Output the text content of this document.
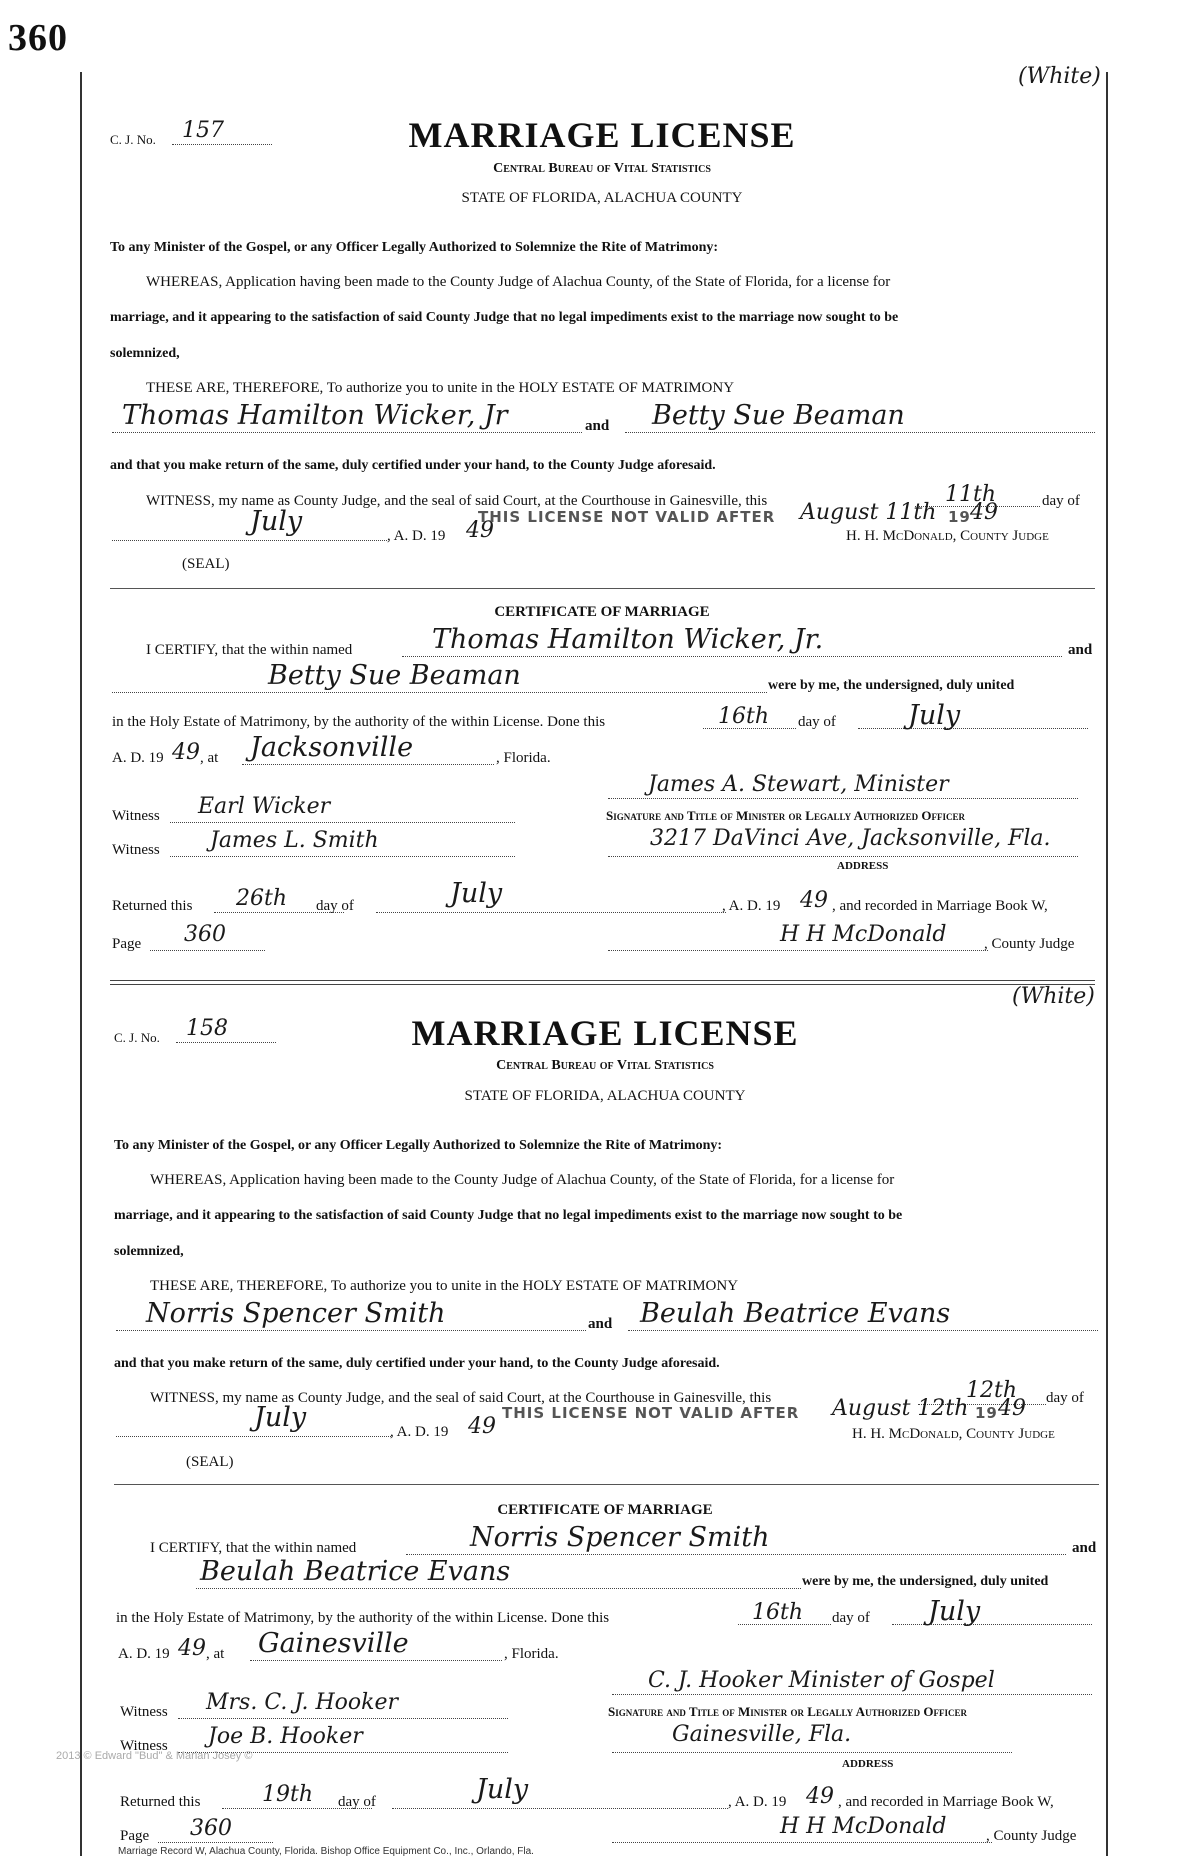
360
(White)
C. J. No. 157	MARRIAGE LICENSE
Central Bureau of Vital Statistics
STATE OF FLORIDA, ALACHUA COUNTY
To any Minister of the Gospel, or any Officer Legally Authorized to Solemnize the Rite of Matrimony:
WHEREAS, Application having been made to the County Judge of Alachua County, of the State of Florida, for a license for
marriage, and it appearing to the satisfaction of said County Judge that no legal impediments exist to the marriage now sought to be
solemnized,
THESE ARE, THEREFORE, To authorize you to unite in the HOLY ESTATE OF MATRIMONY
Thomas Hamilton Wicker, Jr	and Betty Sue Beaman
and that you make return of the same, duly certified under your hand, to the County Judge aforesaid.
WITNESS, my name as County Judge, and the seal of said Court, at the Courthouse in Gainesville, this	11th	day of
July	, A. D. 19 49
THIS LICENSE NOT VALID AFTER August 11th 19 49
H. H. McDonald, County Judge
(SEAL)
CERTIFICATE OF MARRIAGE
I CERTIFY, that the within named	Thomas Hamilton Wicker, Jr.	and
Betty Sue Beaman	were by me, the undersigned, duly united
in the Holy Estate of Matrimony, by the authority of the within License. Done this	16th day of	July
A. D. 19 49 , at Jacksonville	, Florida.
James A. Stewart, Minister
Witness Earl Wicker	Signature and Title of Minister or Legally Authorized Officer
Witness James L. Smith	3217 DaVinci Ave, Jacksonville, Fla.
ADDRESS
Returned this 26th day of	July	, A. D. 19 49 , and recorded in Marriage Book W,
Page 360	H H McDonald	, County Judge
(White)
C. J. No. 158	MARRIAGE LICENSE
Central Bureau of Vital Statistics
STATE OF FLORIDA, ALACHUA COUNTY
To any Minister of the Gospel, or any Officer Legally Authorized to Solemnize the Rite of Matrimony:
WHEREAS, Application having been made to the County Judge of Alachua County, of the State of Florida, for a license for
marriage, and it appearing to the satisfaction of said County Judge that no legal impediments exist to the marriage now sought to be
solemnized,
THESE ARE, THEREFORE, To authorize you to unite in the HOLY ESTATE OF MATRIMONY
Norris Spencer Smith	and Beulah Beatrice Evans
and that you make return of the same, duly certified under your hand, to the County Judge aforesaid.
WITNESS, my name as County Judge, and the seal of said Court, at the Courthouse in Gainesville, this	12th day of
July	, A. D. 19 49
THIS LICENSE NOT VALID AFTER August 12th 19 49
H. H. McDonald, County Judge
(SEAL)
CERTIFICATE OF MARRIAGE
I CERTIFY, that the within named	Norris Spencer Smith	and
Beulah Beatrice Evans	were by me, the undersigned, duly united
in the Holy Estate of Matrimony, by the authority of the within License. Done this	16th day of July
A. D. 19 49 , at Gainesville	, Florida.
C. J. Hooker Minister of Gospel
Witness Mrs. C. J. Hooker	Signature and Title of Minister or Legally Authorized Officer
Witness Joe B. Hooker	Gainesville, Fla.
ADDRESS
Returned this	19th day of	July	, A. D. 19 49 , and recorded in Marriage Book W,
Page 360	H H McDonald	, County Judge
2013 © Edward "Bud" & Marian Josey ©
Marriage Record W, Alachua County, Florida. Bishop Office Equipment Co., Inc., Orlando, Fla.
